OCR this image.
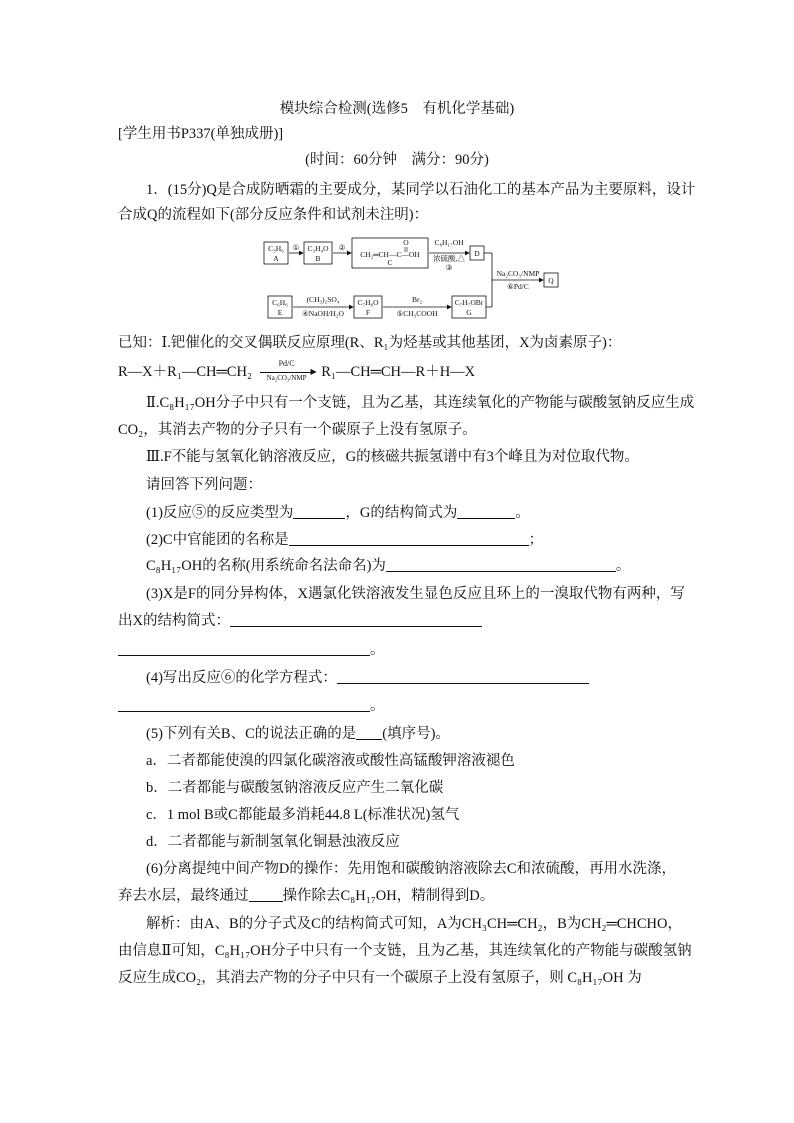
模块综合检测(选修5　有机化学基础)
[学生用书P337(单独成册)]
(时间：60分钟　满分：90分)
1．(15分)Q是合成防晒霜的主要成分，某同学以石油化工的基本产品为主要原料，设计
合成Q的流程如下(部分反应条件和试剂未注明)：
C₃H₆
A
① C₃H₄O
B
②
O
CH₂═CH—C—OH
C
C₈H₁₇OH
浓硫酸,△
③
D
C₆H₆
E
(CH₃)₂SO₄
④NaOH/H₂O
C₇H₈O
F
Br₂
⑤CH₃COOH
C₇H₇OBr
G
Na₂CO₃/NMP
⑥Pd/C
Q
已知：Ⅰ.钯催化的交叉偶联反应原理(R、R₁为烃基或其他基团，X为卤素原子)：
R—X＋R₁—CH═CH₂
Pd/C
▶
Na₂CO₃/NMP	R₁—CH═CH—R＋H—X
Ⅱ.C₈H₁₇OH分子中只有一个支链，且为乙基，其连续氧化的产物能与碳酸氢钠反应生成
CO₂，其消去产物的分子只有一个碳原子上没有氢原子。
Ⅲ.F不能与氢氧化钠溶液反应，G的核磁共振氢谱中有3个峰且为对位取代物。
请回答下列问题：
(1)反应⑤的反应类型为	，G的结构简式为	。
(2)C中官能团的名称是	；
C₈H₁₇OH的名称(用系统命名法命名)为	。
(3)X是F的同分异构体，X遇氯化铁溶液发生显色反应且环上的一溴取代物有两种，写
出X的结构简式：
。
(4)写出反应⑥的化学方程式：
。
(5)下列有关B、C的说法正确的是 (填序号)。
a．二者都能使溴的四氯化碳溶液或酸性高锰酸钾溶液褪色
b．二者都能与碳酸氢钠溶液反应产生二氧化碳
c．1 mol B或C都能最多消耗44.8 L(标准状况)氢气
d．二者都能与新制氢氧化铜悬浊液反应
(6)分离提纯中间产物D的操作：先用饱和碳酸钠溶液除去C和浓硫酸，再用水洗涤，
弃去水层，最终通过 操作除去C₈H₁₇OH，精制得到D。
解析：由A、B的分子式及C的结构简式可知，A为CH₃CH═CH₂，B为CH₂═CHCHO，
由信息Ⅱ可知，C₈H₁₇OH分子中只有一个支链，且为乙基，其连续氧化的产物能与碳酸氢钠
反应生成CO₂，其消去产物的分子中只有一个碳原子上没有氢原子，则 C₈H₁₇OH 为
